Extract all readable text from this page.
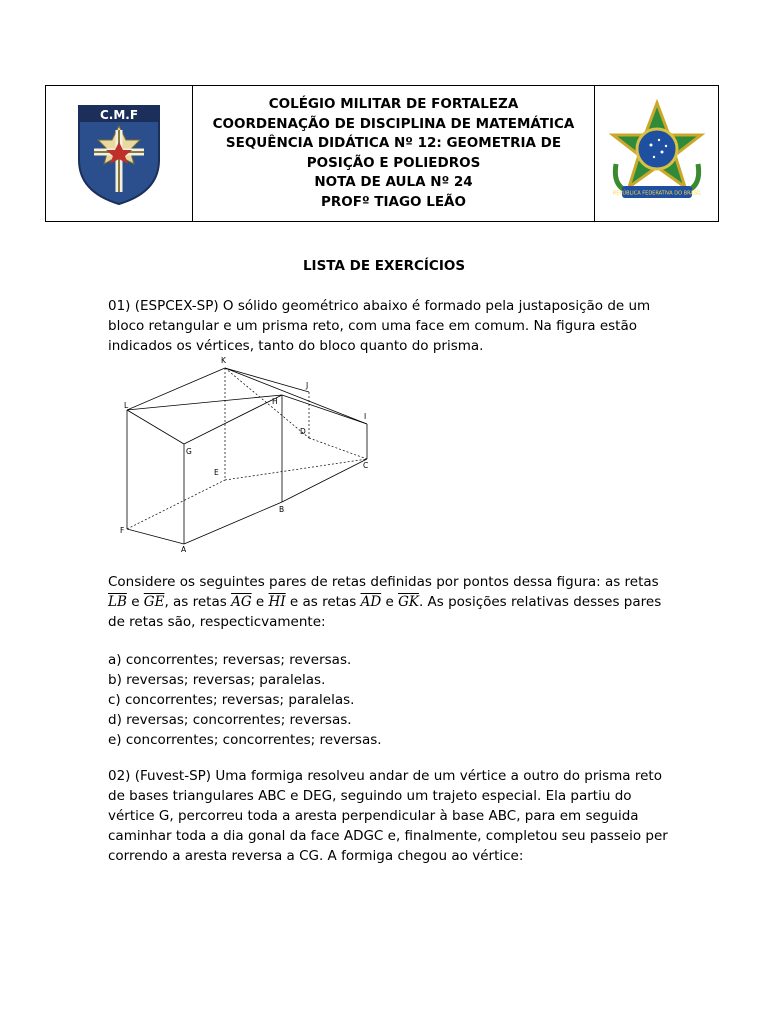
C.M.F
COLÉGIO MILITAR DE FORTALEZA
COORDENAÇÃO DE DISCIPLINA DE MATEMÁTICA
SEQUÊNCIA DIDÁTICA Nº 12: GEOMETRIA DE
POSIÇÃO E POLIEDROS
NOTA DE AULA Nº 24
PROFº TIAGO LEÃO
REPÚBLICA FEDERATIVA DO BRASIL
LISTA DE EXERCÍCIOS
01) (ESPCEX-SP) O sólido geométrico abaixo é formado pela justaposição de um bloco retangular e um prisma reto, com uma face em comum. Na figura estão indicados os vértices, tanto do bloco quanto do prisma.
K
L	H
J
I
D
G
E
C
B
F
A
Considere os seguintes pares de retas definidas por pontos dessa figura: as retas $\overline{LB}$ e $\overline{GE}$, as retas $\overline{AG}$ e $\overline{HI}$ e as retas $\overline{AD}$ e $\overline{GK}$. As posições relativas desses pares de retas são, respecticvamente:
a) concorrentes; reversas; reversas.
b) reversas; reversas; paralelas.
c) concorrentes; reversas; paralelas.
d) reversas; concorrentes; reversas.
e) concorrentes; concorrentes; reversas.
02) (Fuvest-SP) Uma formiga resolveu andar de um vértice a outro do prisma reto de bases triangulares ABC e DEG, seguindo um trajeto especial. Ela partiu do vértice G, percorreu toda a aresta perpendicular à base ABC, para em seguida caminhar toda a dia gonal da face ADGC e, finalmente, completou seu passeio per correndo a aresta reversa a CG. A formiga chegou ao vértice:
